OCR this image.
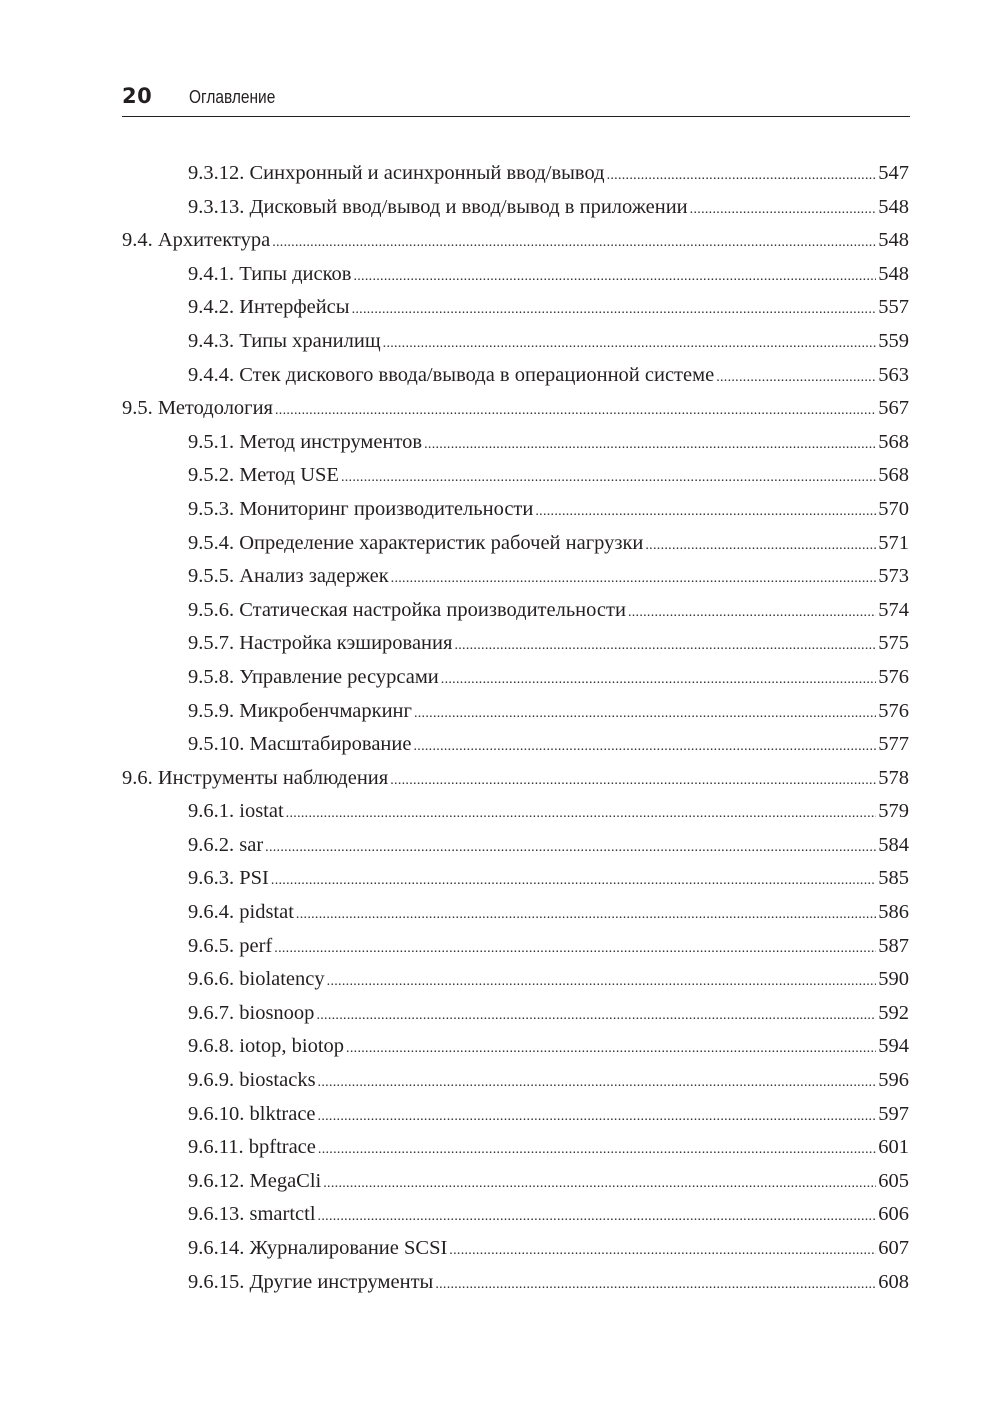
20 Оглавление
9.3.12. Синхронный и асинхронный ввод/вывод .....	547
9.3.13. Дисковый ввод/вывод и ввод/вывод в приложении .....	548
9.4. Архитектура .....	548
9.4.1. Типы дисков .....	548
9.4.2. Интерфейсы .....	557
9.4.3. Типы хранилищ .....	559
9.4.4. Стек дискового ввода/вывода в операционной системе .....	563
9.5. Методология .....	567
9.5.1. Метод инструментов .....	568
9.5.2. Метод USE .....	568
9.5.3. Мониторинг производительности .....	570
9.5.4. Определение характеристик рабочей нагрузки .....	571
9.5.5. Анализ задержек .....	573
9.5.6. Статическая настройка производительности .....	574
9.5.7. Настройка кэширования .....	575
9.5.8. Управление ресурсами .....	576
9.5.9. Микробенчмаркинг .....	576
9.5.10. Масштабирование .....	577
9.6. Инструменты наблюдения .....	578
9.6.1. iostat .....	579
9.6.2. sar .....	584
9.6.3. PSI .....	585
9.6.4. pidstat .....	586
9.6.5. perf .....	587
9.6.6. biolatency .....	590
9.6.7. biosnoop .....	592
9.6.8. iotop, biotop .....	594
9.6.9. biostacks .....	596
9.6.10. blktrace .....	597
9.6.11. bpftrace .....	601
9.6.12. MegaCli .....	605
9.6.13. smartctl .....	606
9.6.14. Журналирование SCSI .....	607
9.6.15. Другие инструменты .....	608
